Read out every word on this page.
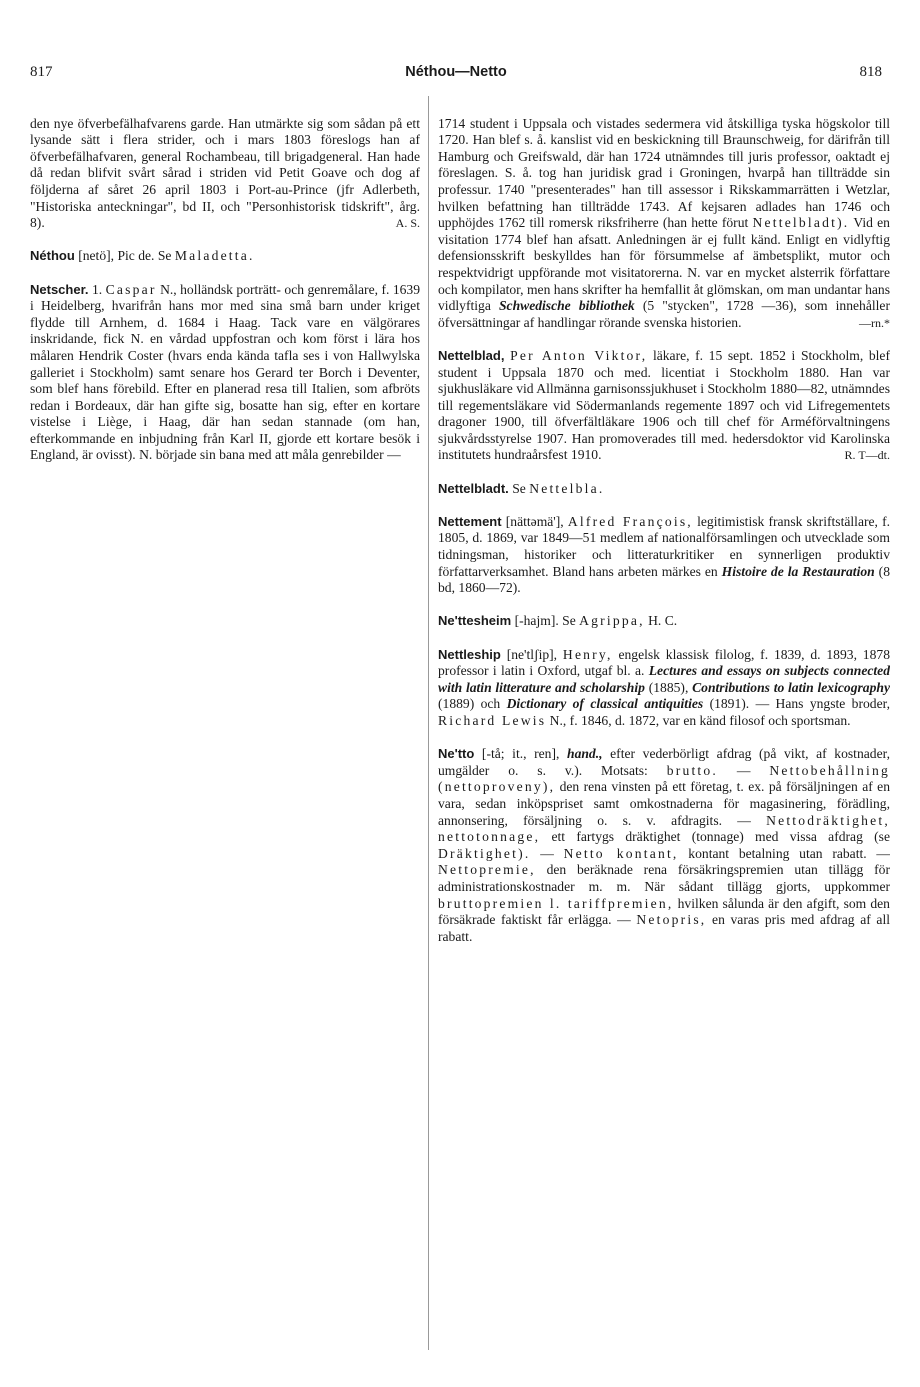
817	Néthou—Netto	818

den nye öfverbefälhafvarens garde. Han utmärkte sig som sådan på ett lysande sätt i flera strider, och i mars 1803 föreslogs han af öfverbefälhafvaren, general Rochambeau, till brigadgeneral. Han hade då redan blifvit svårt sårad i striden vid Petit Goave och dog af följderna af såret 26 april 1803 i Port-au-Prince (jfr Adlerbeth, "Historiska anteckningar", bd II, och "Personhistorisk tidskrift", årg. 8).	A. S.

Néthou [netö], Pic de. Se Maladetta.

Netscher. 1. Caspar N., holländsk porträtt- och genremålare, f. 1639 i Heidelberg, hvarifrån hans mor med sina små barn under kriget flydde till Arnhem, d. 1684 i Haag. Tack vare en välgörares inskridande, fick N. en vårdad uppfostran och kom först i lära hos målaren Hendrik Coster (hvars enda kända tafla ses i von Hallwylska galleriet i Stockholm) samt senare hos Gerard ter Borch i Deventer, som blef hans förebild. Efter en planerad resa till Italien, som afbröts redan i Bordeaux, där han gifte sig, bosatte han sig, efter en kortare vistelse i Liège, i Haag, där han sedan stannade (om han, efterkommande en inbjudning från Karl II, gjorde ett kortare besök i England, är ovisst). N. började sin bana med att måla genrebilder —

1714 student i Uppsala och vistades sedermera vid åtskilliga tyska högskolor till 1720. Han blef s. å. kanslist vid en beskickning till Braunschweig, for därifrån till Hamburg och Greifswald, där han 1724 utnämndes till juris professor, oaktadt ej föreslagen. S. å. tog han juridisk grad i Groningen, hvarpå han tillträdde sin professur. 1740 "presenterades" han till assessor i Rikskammarrätten i Wetzlar, hvilken befattning han tillträdde 1743. Af kejsaren adlades han 1746 och upphöjdes 1762 till romersk riksfriherre (han hette förut Nettelbladt). Vid en visitation 1774 blef han afsatt. Anledningen är ej fullt känd. Enligt en vidlyftig defensionsskrift beskylldes han för försummelse af ämbetsplikt, mutor och respektvidrigt uppförande mot visitatorerna. N. var en mycket alsterrik författare och kompilator, men hans skrifter ha hemfallit åt glömskan, om man undantar hans vidlyftiga Schwedische bibliothek (5 "stycken", 1728 —36), som innehåller öfversättningar af handlingar rörande svenska historien.	—rn.*

Nettelblad, Per Anton Viktor, läkare, f. 15 sept. 1852 i Stockholm, blef student i Uppsala 1870 och med. licentiat i Stockholm 1880. Han var sjukhusläkare vid Allmänna garnisonssjukhuset i Stockholm 1880—82, utnämndes till regementsläkare vid Södermanlands regemente 1897 och vid Lifregementets dragoner 1900, till öfverfältläkare 1906 och till chef för Arméförvaltningens sjukvårdsstyrelse 1907. Han promoverades till med. hedersdoktor vid Karolinska institutets hundraårsfest 1910.	R. T—dt.

Nettelbladt. Se Nettelbla.

Nettement [nättəmä'], Alfred François, legitimistisk fransk skriftställare, f. 1805, d. 1869, var 1849—51 medlem af nationalförsamlingen och utvecklade som tidningsman, historiker och litteraturkritiker en synnerligen produktiv författarverksamhet. Bland hans arbeten märkes en Histoire de la Restauration (8 bd, 1860—72).

Ne'ttesheim [-hajm]. Se Agrippa, H. C.

Nettleship [ne'tlʃip], Henry, engelsk klassisk filolog, f. 1839, d. 1893, 1878 professor i latin i Oxford, utgaf bl. a. Lectures and essays on subjects connected with latin litterature and scholarship (1885), Contributions to latin lexicography (1889) och Dictionary of classical antiquities (1891). — Hans yngste broder, Richard Lewis N., f. 1846, d. 1872, var en känd filosof och sportsman.

Ne'tto [-tå; it., ren], hand., efter vederbörligt afdrag (på vikt, af kostnader, umgälder o. s. v.). Motsats: brutto. — Nettobehållning (nettoprovenу), den rena vinsten på ett företag, t. ex. på försäljningen af en vara, sedan inköpspriset samt omkostnaderna för magasinering, förädling, annonsering, försäljning o. s. v. afdragits. — Nettodräktighet, nettotonnage, ett fartygs dräktighet (tonnage) med vissa afdrag (se Dräktighet). — Netto kontant, kontant betalning utan rabatt. — Nettopremie, den beräknade rena försäkringspremien utan tillägg för administrationskostnader m. m. När sådant tillägg gjorts, uppkommer bruttopremien l. tariffpremien, hvilken sålunda är den afgift, som den försäkrade faktiskt får erlägga. — Netopris, en varas pris med afdrag af all rabatt.
